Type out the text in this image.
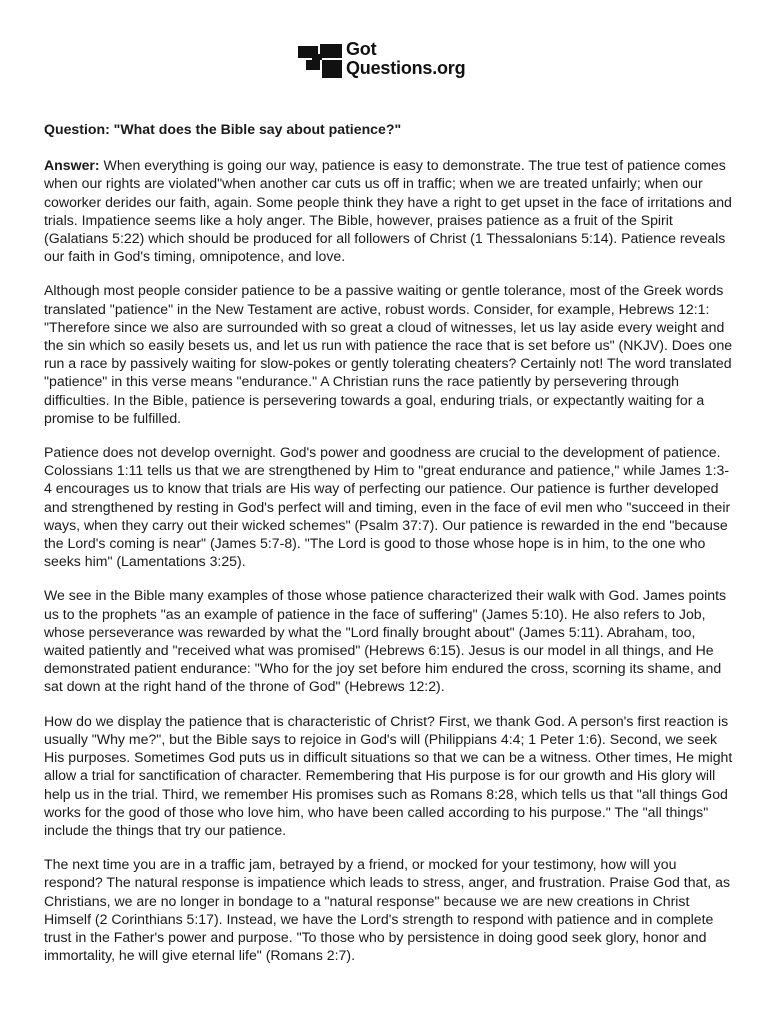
Got
Questions.org

Question: "What does the Bible say about patience?"

Answer: When everything is going our way, patience is easy to demonstrate. The true test of patience comes when our rights are violated"when another car cuts us off in traffic; when we are treated unfairly; when our coworker derides our faith, again. Some people think they have a right to get upset in the face of irritations and trials. Impatience seems like a holy anger. The Bible, however, praises patience as a fruit of the Spirit (Galatians 5:22) which should be produced for all followers of Christ (1 Thessalonians 5:14). Patience reveals our faith in God's timing, omnipotence, and love.

Although most people consider patience to be a passive waiting or gentle tolerance, most of the Greek words translated "patience" in the New Testament are active, robust words. Consider, for example, Hebrews 12:1: "Therefore since we also are surrounded with so great a cloud of witnesses, let us lay aside every weight and the sin which so easily besets us, and let us run with patience the race that is set before us" (NKJV). Does one run a race by passively waiting for slow-pokes or gently tolerating cheaters? Certainly not! The word translated "patience" in this verse means "endurance." A Christian runs the race patiently by persevering through difficulties. In the Bible, patience is persevering towards a goal, enduring trials, or expectantly waiting for a promise to be fulfilled.

Patience does not develop overnight. God's power and goodness are crucial to the development of patience. Colossians 1:11 tells us that we are strengthened by Him to "great endurance and patience," while James 1:3-4 encourages us to know that trials are His way of perfecting our patience. Our patience is further developed and strengthened by resting in God's perfect will and timing, even in the face of evil men who "succeed in their ways, when they carry out their wicked schemes" (Psalm 37:7). Our patience is rewarded in the end "because the Lord's coming is near" (James 5:7-8). "The Lord is good to those whose hope is in him, to the one who seeks him" (Lamentations 3:25).

We see in the Bible many examples of those whose patience characterized their walk with God. James points us to the prophets "as an example of patience in the face of suffering" (James 5:10). He also refers to Job, whose perseverance was rewarded by what the "Lord finally brought about" (James 5:11). Abraham, too, waited patiently and "received what was promised" (Hebrews 6:15). Jesus is our model in all things, and He demonstrated patient endurance: "Who for the joy set before him endured the cross, scorning its shame, and sat down at the right hand of the throne of God" (Hebrews 12:2).

How do we display the patience that is characteristic of Christ? First, we thank God. A person's first reaction is usually "Why me?", but the Bible says to rejoice in God's will (Philippians 4:4; 1 Peter 1:6). Second, we seek His purposes. Sometimes God puts us in difficult situations so that we can be a witness. Other times, He might allow a trial for sanctification of character. Remembering that His purpose is for our growth and His glory will help us in the trial. Third, we remember His promises such as Romans 8:28, which tells us that "all things God works for the good of those who love him, who have been called according to his purpose." The "all things" include the things that try our patience.

The next time you are in a traffic jam, betrayed by a friend, or mocked for your testimony, how will you respond? The natural response is impatience which leads to stress, anger, and frustration. Praise God that, as Christians, we are no longer in bondage to a "natural response" because we are new creations in Christ Himself (2 Corinthians 5:17). Instead, we have the Lord's strength to respond with patience and in complete trust in the Father's power and purpose. "To those who by persistence in doing good seek glory, honor and immortality, he will give eternal life" (Romans 2:7).
